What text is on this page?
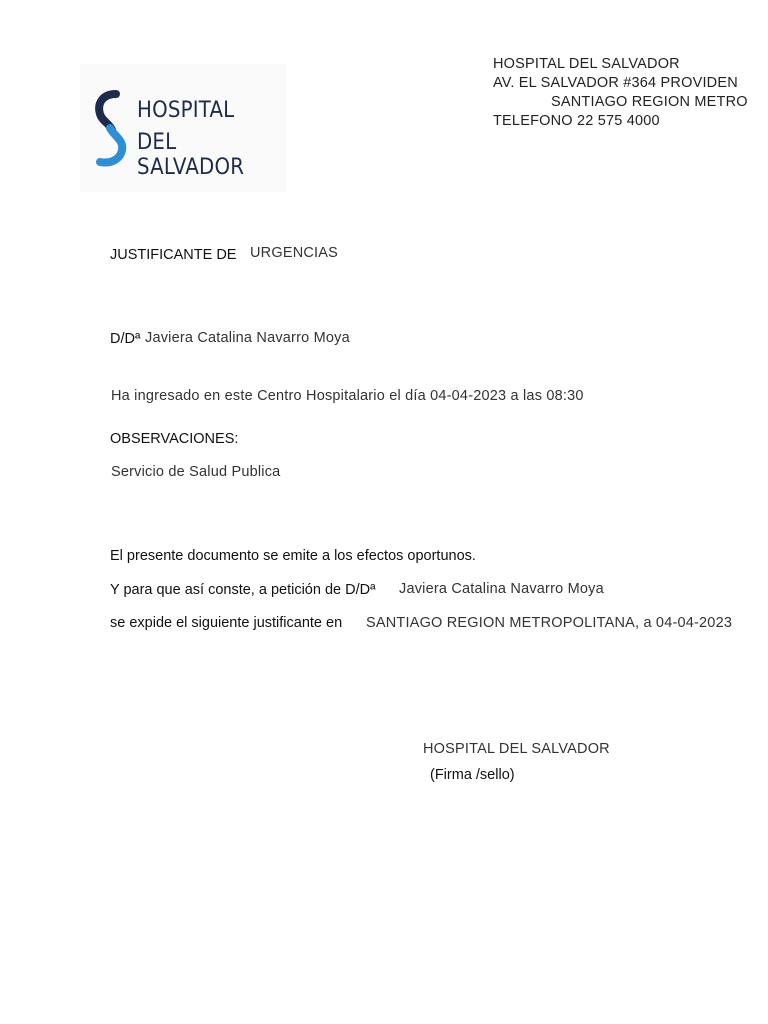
HOSPITAL
DEL SALVADOR
HOSPITAL DEL SALVADOR
AV. EL SALVADOR #364 PROVIDEN
SANTIAGO REGION METRO
TELEFONO 22 575 4000
JUSTIFICANTE DE URGENCIAS
D/Dª Javiera Catalina Navarro Moya
Ha ingresado en este Centro Hospitalario el día 04-04-2023 a las 08:30
OBSERVACIONES:
Servicio de Salud Publica
El presente documento se emite a los efectos oportunos.
Y para que así conste, a petición de D/Dª Javiera Catalina Navarro Moya
se expide el siguiente justificante en SANTIAGO REGION METROPOLITANA, a 04-04-2023
HOSPITAL DEL SALVADOR
(Firma /sello)
